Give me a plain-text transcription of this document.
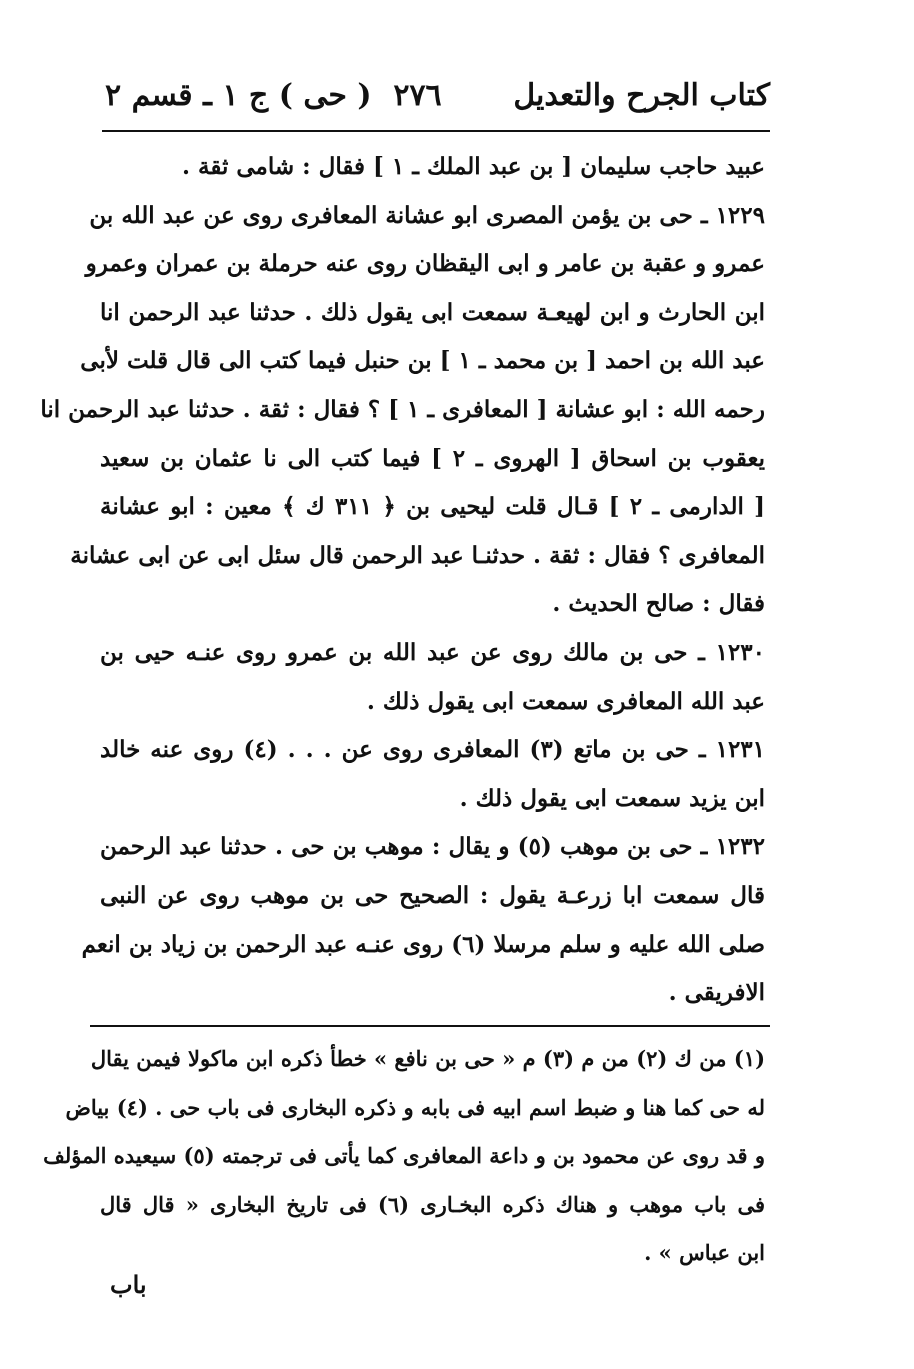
كتاب الجرح والتعديل
٢٧٦
( حى ) ج ١ ـ قسم ٢
عبيد حاجب سليمان [ بن عبد الملك ـ ١ ] فقال : شامى ثقة .
١٢٢٩ ـ حى بن يؤمن المصرى ابو عشانة المعافرى روى عن عبد الله بن
عمرو و عقبة بن عامر و ابى اليقظان روى عنه حرملة بن عمران وعمرو
ابن الحارث و ابن لهيعـة سمعت ابى يقول ذلك . حدثنا عبد الرحمن انا
عبد الله بن احمد [ بن محمد ـ ١ ] بن حنبل فيما كتب الى قال قلت لأبى
رحمه الله : ابو عشانة [ المعافرى ـ ١ ] ؟ فقال : ثقة . حدثنا عبد الرحمن انا
يعقوب بن اسحاق [ الهروى ـ ٢ ] فيما كتب الى نا عثمان بن سعيد
[ الدارمى ـ ٢ ] قـال قلت ليحيى بن ﴿ ٣١١ ك ﴾ معين : ابو عشانة
المعافرى ؟ فقال : ثقة . حدثنـا عبد الرحمن قال سئل ابى عن ابى عشانة
فقال : صالح الحديث .
١٢٣٠ ـ حى بن مالك روى عن عبد الله بن عمرو روى عنـه حيى بن
عبد الله المعافرى سمعت ابى يقول ذلك .
١٢٣١ ـ حى بن ماتع (٣) المعافرى روى عن . . . (٤) روى عنه خالد
ابن يزيد سمعت ابى يقول ذلك .
١٢٣٢ ـ حى بن موهب (٥) و يقال : موهب بن حى . حدثنا عبد الرحمن
قال سمعت ابا زرعـة يقول : الصحيح حى بن موهب روى عن النبى
صلى الله عليه و سلم مرسلا (٦) روى عنـه عبد الرحمن بن زياد بن انعم
الافريقى .
(١) من ك (٢) من م (٣) م « حى بن نافع » خطأ ذكره ابن ماكولا فيمن يقال
له حى كما هنا و ضبط اسم ابيه فى بابه و ذكره البخارى فى باب حى . (٤) بياض
و قد روى عن محمود بن و داعة المعافرى كما يأتى فى ترجمته (٥) سيعيده المؤلف
فى باب موهب و هناك ذكره البخـارى (٦) فى تاريخ البخارى « قال قال
ابن عباس » .
باب
